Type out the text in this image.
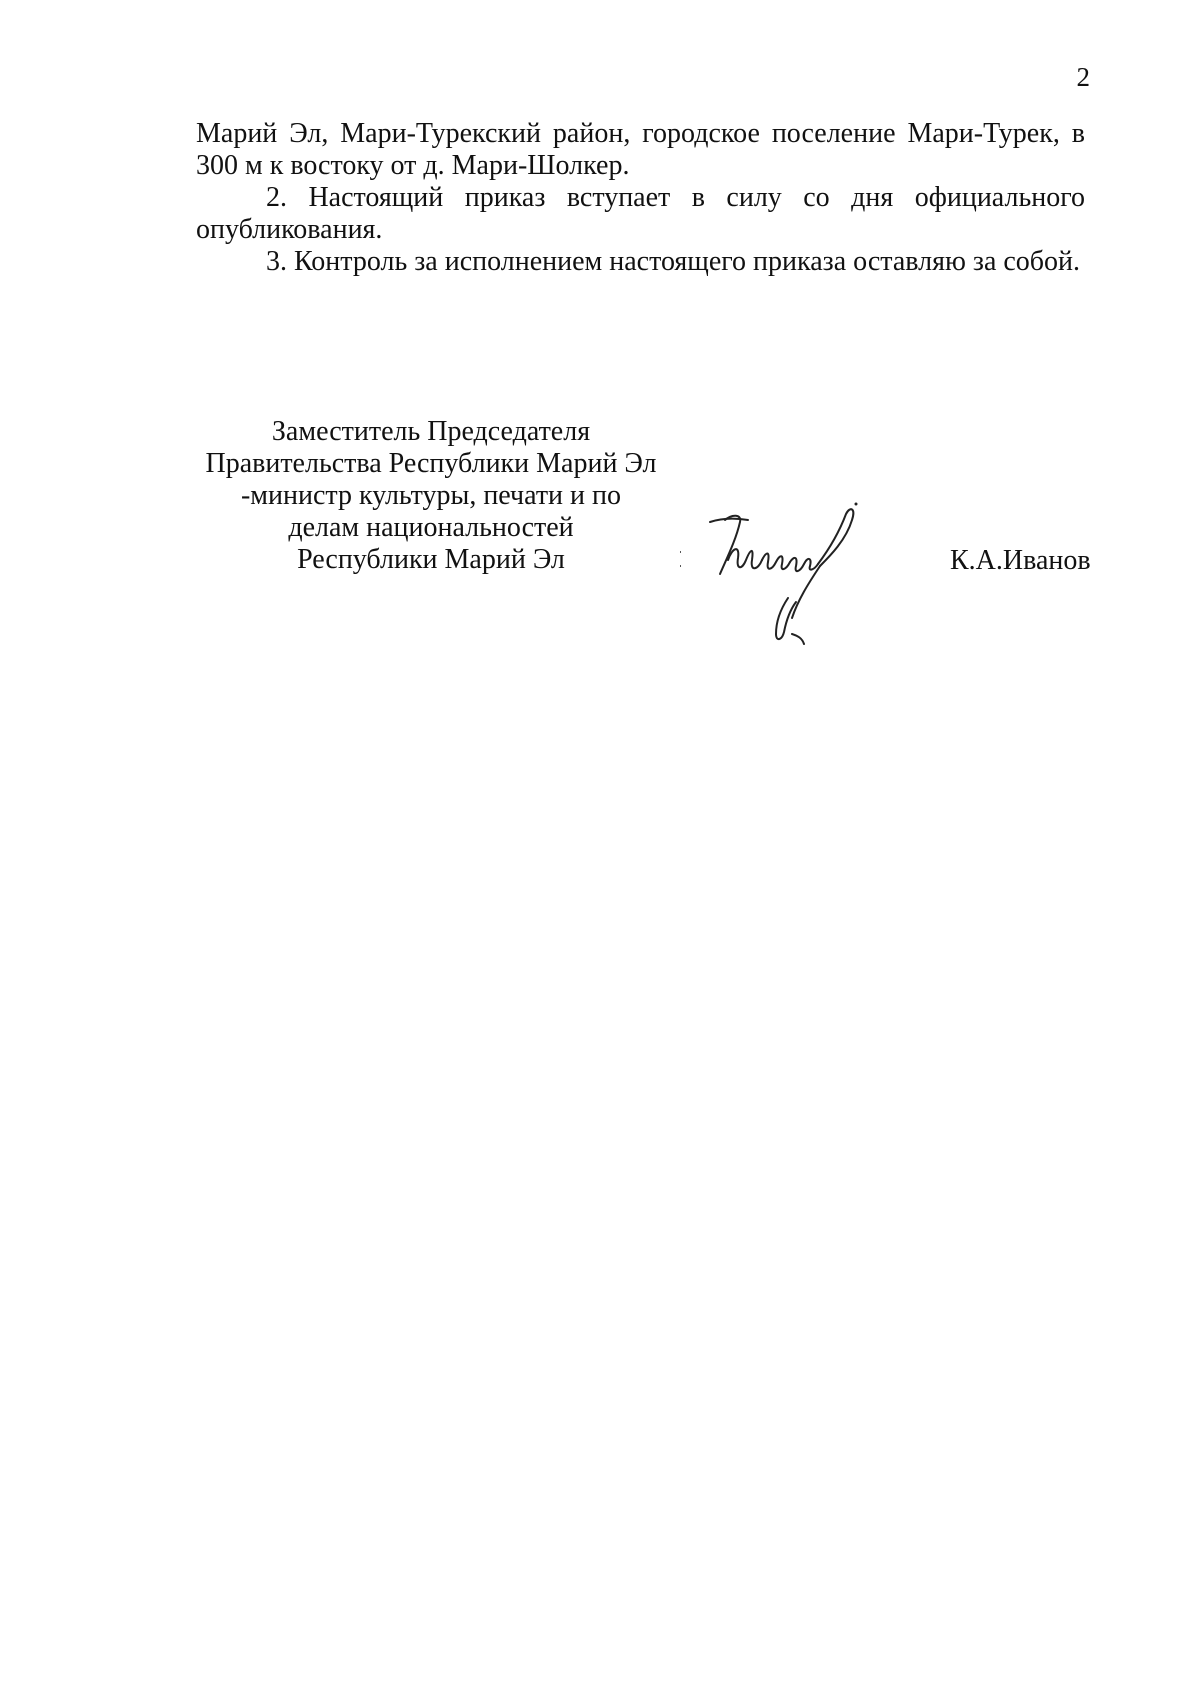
2

Марий Эл, Мари-Турекский район, городское поселение Мари-Турек, в 300 м к востоку от д. Мари-Шолкер.

2. Настоящий приказ вступает в силу со дня официального опубликования.

3. Контроль за исполнением настоящего приказа оставляю за собой.

Заместитель Председателя
Правительства Республики Марий Эл
-министр культуры, печати и по
делам национальностей
Республики Марий Эл	К.А.Иванов
